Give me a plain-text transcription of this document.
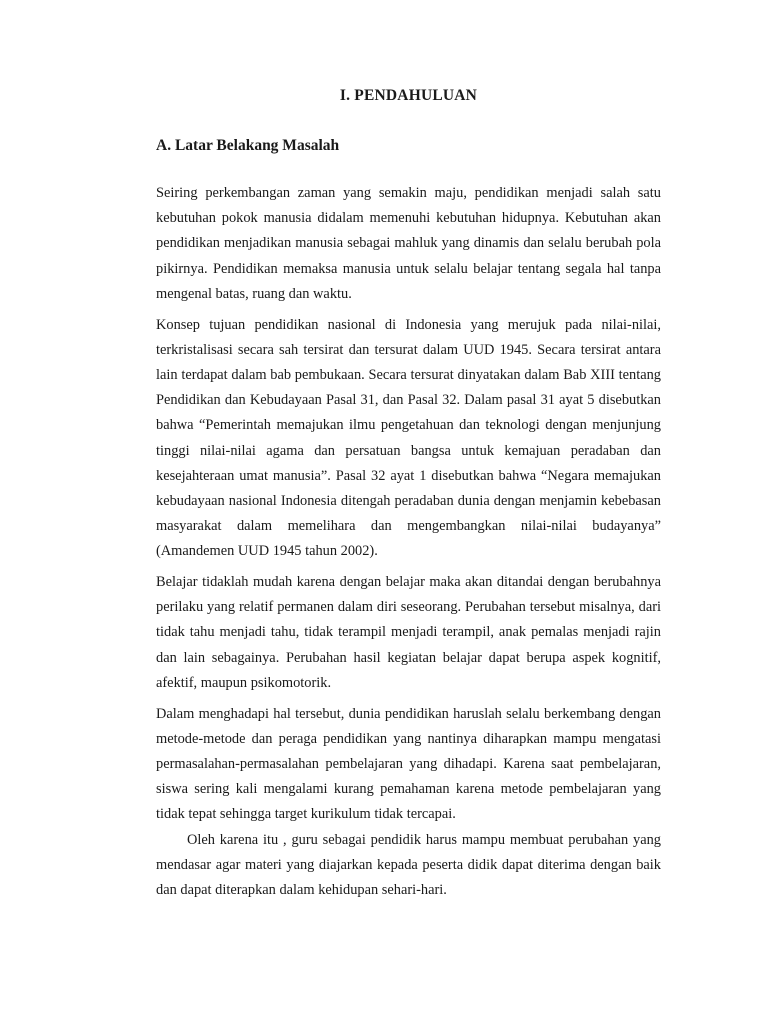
I. PENDAHULUAN
A. Latar Belakang Masalah

Seiring perkembangan zaman yang semakin maju, pendidikan menjadi salah satu kebutuhan pokok manusia didalam memenuhi kebutuhan hidupnya. Kebutuhan akan pendidikan menjadikan manusia sebagai mahluk yang dinamis dan selalu berubah pola pikirnya. Pendidikan memaksa manusia untuk selalu belajar tentang segala hal tanpa mengenal batas, ruang dan waktu.

Konsep tujuan pendidikan nasional di Indonesia yang merujuk pada nilai-nilai, terkristalisasi secara sah tersirat dan tersurat dalam UUD 1945. Secara tersirat antara lain terdapat dalam bab pembukaan. Secara tersurat dinyatakan dalam Bab XIII tentang Pendidikan dan Kebudayaan Pasal 31, dan Pasal 32. Dalam pasal 31 ayat 5 disebutkan bahwa “Pemerintah memajukan ilmu pengetahuan dan teknologi dengan menjunjung tinggi nilai-nilai agama dan persatuan bangsa untuk kemajuan peradaban dan kesejahteraan umat manusia”. Pasal 32 ayat 1 disebutkan bahwa “Negara memajukan kebudayaan nasional Indonesia ditengah peradaban dunia dengan menjamin kebebasan masyarakat dalam memelihara dan mengembangkan nilai-nilai budayanya” (Amandemen UUD 1945 tahun 2002).

Belajar tidaklah mudah karena dengan belajar maka akan ditandai dengan berubahnya perilaku yang relatif permanen dalam diri seseorang. Perubahan tersebut misalnya, dari tidak tahu menjadi tahu, tidak terampil menjadi terampil, anak pemalas menjadi rajin dan lain sebagainya. Perubahan hasil kegiatan belajar dapat berupa aspek kognitif, afektif, maupun psikomotorik.

Dalam menghadapi hal tersebut, dunia pendidikan haruslah selalu berkembang dengan metode-metode dan peraga pendidikan yang nantinya diharapkan mampu mengatasi permasalahan-permasalahan pembelajaran yang dihadapi. Karena saat pembelajaran, siswa sering kali mengalami kurang pemahaman karena metode pembelajaran yang tidak tepat sehingga target kurikulum tidak tercapai.

Oleh karena itu , guru sebagai pendidik harus mampu membuat perubahan yang mendasar agar materi yang diajarkan kepada peserta didik dapat diterima dengan baik dan dapat diterapkan dalam kehidupan sehari-hari.
